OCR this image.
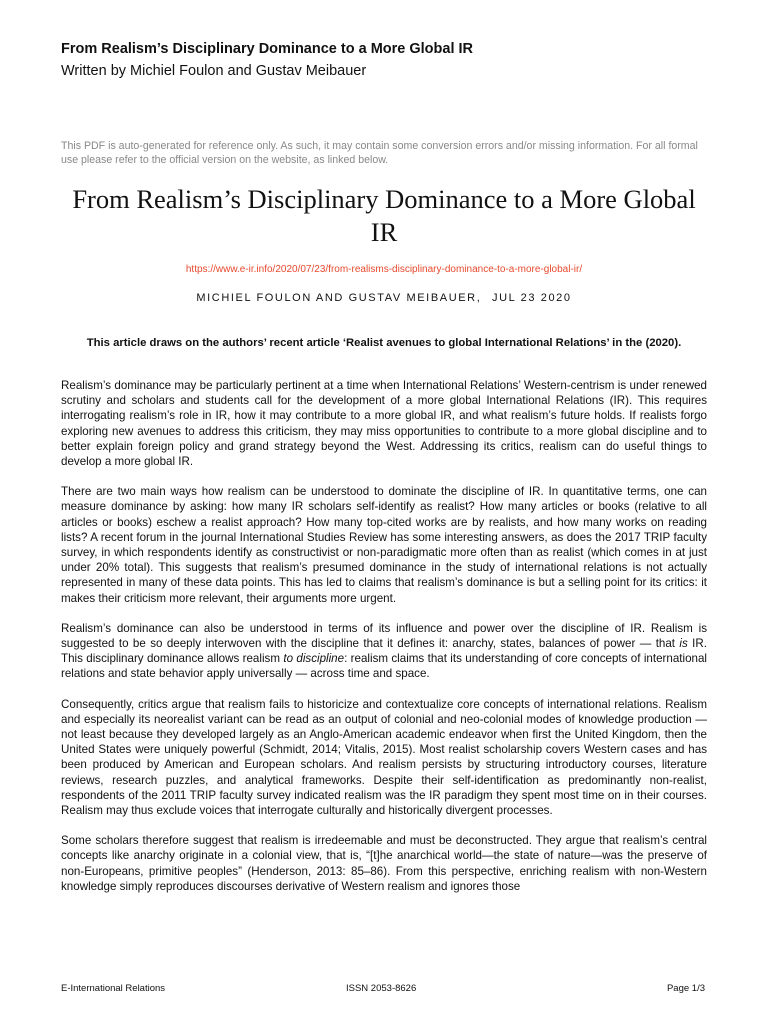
From Realism’s Disciplinary Dominance to a More Global IR
Written by Michiel Foulon and Gustav Meibauer
This PDF is auto-generated for reference only. As such, it may contain some conversion errors and/or missing information. For all formal use please refer to the official version on the website, as linked below.
From Realism’s Disciplinary Dominance to a More Global IR
https://www.e-ir.info/2020/07/23/from-realisms-disciplinary-dominance-to-a-more-global-ir/
MICHIEL FOULON AND GUSTAV MEIBAUER, JUL 23 2020
This article draws on the authors’ recent article ‘Realist avenues to global International Relations’ in the (2020).

Realism’s dominance may be particularly pertinent at a time when International Relations’ Western-centrism is under renewed scrutiny and scholars and students call for the development of a more global International Relations (IR). This requires interrogating realism’s role in IR, how it may contribute to a more global IR, and what realism’s future holds. If realists forgo exploring new avenues to address this criticism, they may miss opportunities to contribute to a more global discipline and to better explain foreign policy and grand strategy beyond the West. Addressing its critics, realism can do useful things to develop a more global IR.

There are two main ways how realism can be understood to dominate the discipline of IR. In quantitative terms, one can measure dominance by asking: how many IR scholars self-identify as realist? How many articles or books (relative to all articles or books) eschew a realist approach? How many top-cited works are by realists, and how many works on reading lists? A recent forum in the journal International Studies Review has some interesting answers, as does the 2017 TRIP faculty survey, in which respondents identify as constructivist or non-paradigmatic more often than as realist (which comes in at just under 20% total). This suggests that realism’s presumed dominance in the study of international relations is not actually represented in many of these data points. This has led to claims that realism’s dominance is but a selling point for its critics: it makes their criticism more relevant, their arguments more urgent.

Realism’s dominance can also be understood in terms of its influence and power over the discipline of IR. Realism is suggested to be so deeply interwoven with the discipline that it defines it: anarchy, states, balances of power — that is IR. This disciplinary dominance allows realism to discipline: realism claims that its understanding of core concepts of international relations and state behavior apply universally — across time and space.

Consequently, critics argue that realism fails to historicize and contextualize core concepts of international relations. Realism and especially its neorealist variant can be read as an output of colonial and neo-colonial modes of knowledge production — not least because they developed largely as an Anglo-American academic endeavor when first the United Kingdom, then the United States were uniquely powerful (Schmidt, 2014; Vitalis, 2015). Most realist scholarship covers Western cases and has been produced by American and European scholars. And realism persists by structuring introductory courses, literature reviews, research puzzles, and analytical frameworks. Despite their self-identification as predominantly non-realist, respondents of the 2011 TRIP faculty survey indicated realism was the IR paradigm they spent most time on in their courses. Realism may thus exclude voices that interrogate culturally and historically divergent processes.

Some scholars therefore suggest that realism is irredeemable and must be deconstructed. They argue that realism’s central concepts like anarchy originate in a colonial view, that is, “[t]he anarchical world—the state of nature—was the preserve of non-Europeans, primitive peoples” (Henderson, 2013: 85–86). From this perspective, enriching realism with non-Western knowledge simply reproduces discourses derivative of Western realism and ignores those

E-International Relations	ISSN 2053-8626	Page 1/3
